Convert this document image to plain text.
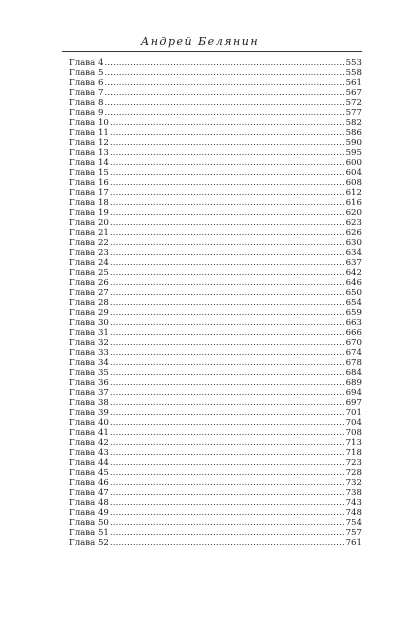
Андрей Белянин
Глава 4 . . .	553
Глава 5 . . .	558
Глава 6 . . .	561
Глава 7 . . .	567
Глава 8 . . .	572
Глава 9 . . .	577
Глава 10 . . .	582
Глава 11 . . .	586
Глава 12 . . .	590
Глава 13 . . .	595
Глава 14 . . .	600
Глава 15 . . .	604
Глава 16 . . .	608
Глава 17 . . .	612
Глава 18 . . .	616
Глава 19 . . .	620
Глава 20 . . .	623
Глава 21 . . .	626
Глава 22 . . .	630
Глава 23 . . .	634
Глава 24 . . .	637
Глава 25 . . .	642
Глава 26 . . .	646
Глава 27 . . .	650
Глава 28 . . .	654
Глава 29 . . .	659
Глава 30 . . .	663
Глава 31 . . .	666
Глава 32 . . .	670
Глава 33 . . .	674
Глава 34 . . .	678
Глава 35 . . .	684
Глава 36 . . .	689
Глава 37 . . .	694
Глава 38 . . .	697
Глава 39 . . .	701
Глава 40 . . .	704
Глава 41 . . .	708
Глава 42 . . .	713
Глава 43 . . .	718
Глава 44 . . .	723
Глава 45 . . .	728
Глава 46 . . .	732
Глава 47 . . .	738
Глава 48 . . .	743
Глава 49 . . .	748
Глава 50 . . .	754
Глава 51 . . .	757
Глава 52 . . .	761
